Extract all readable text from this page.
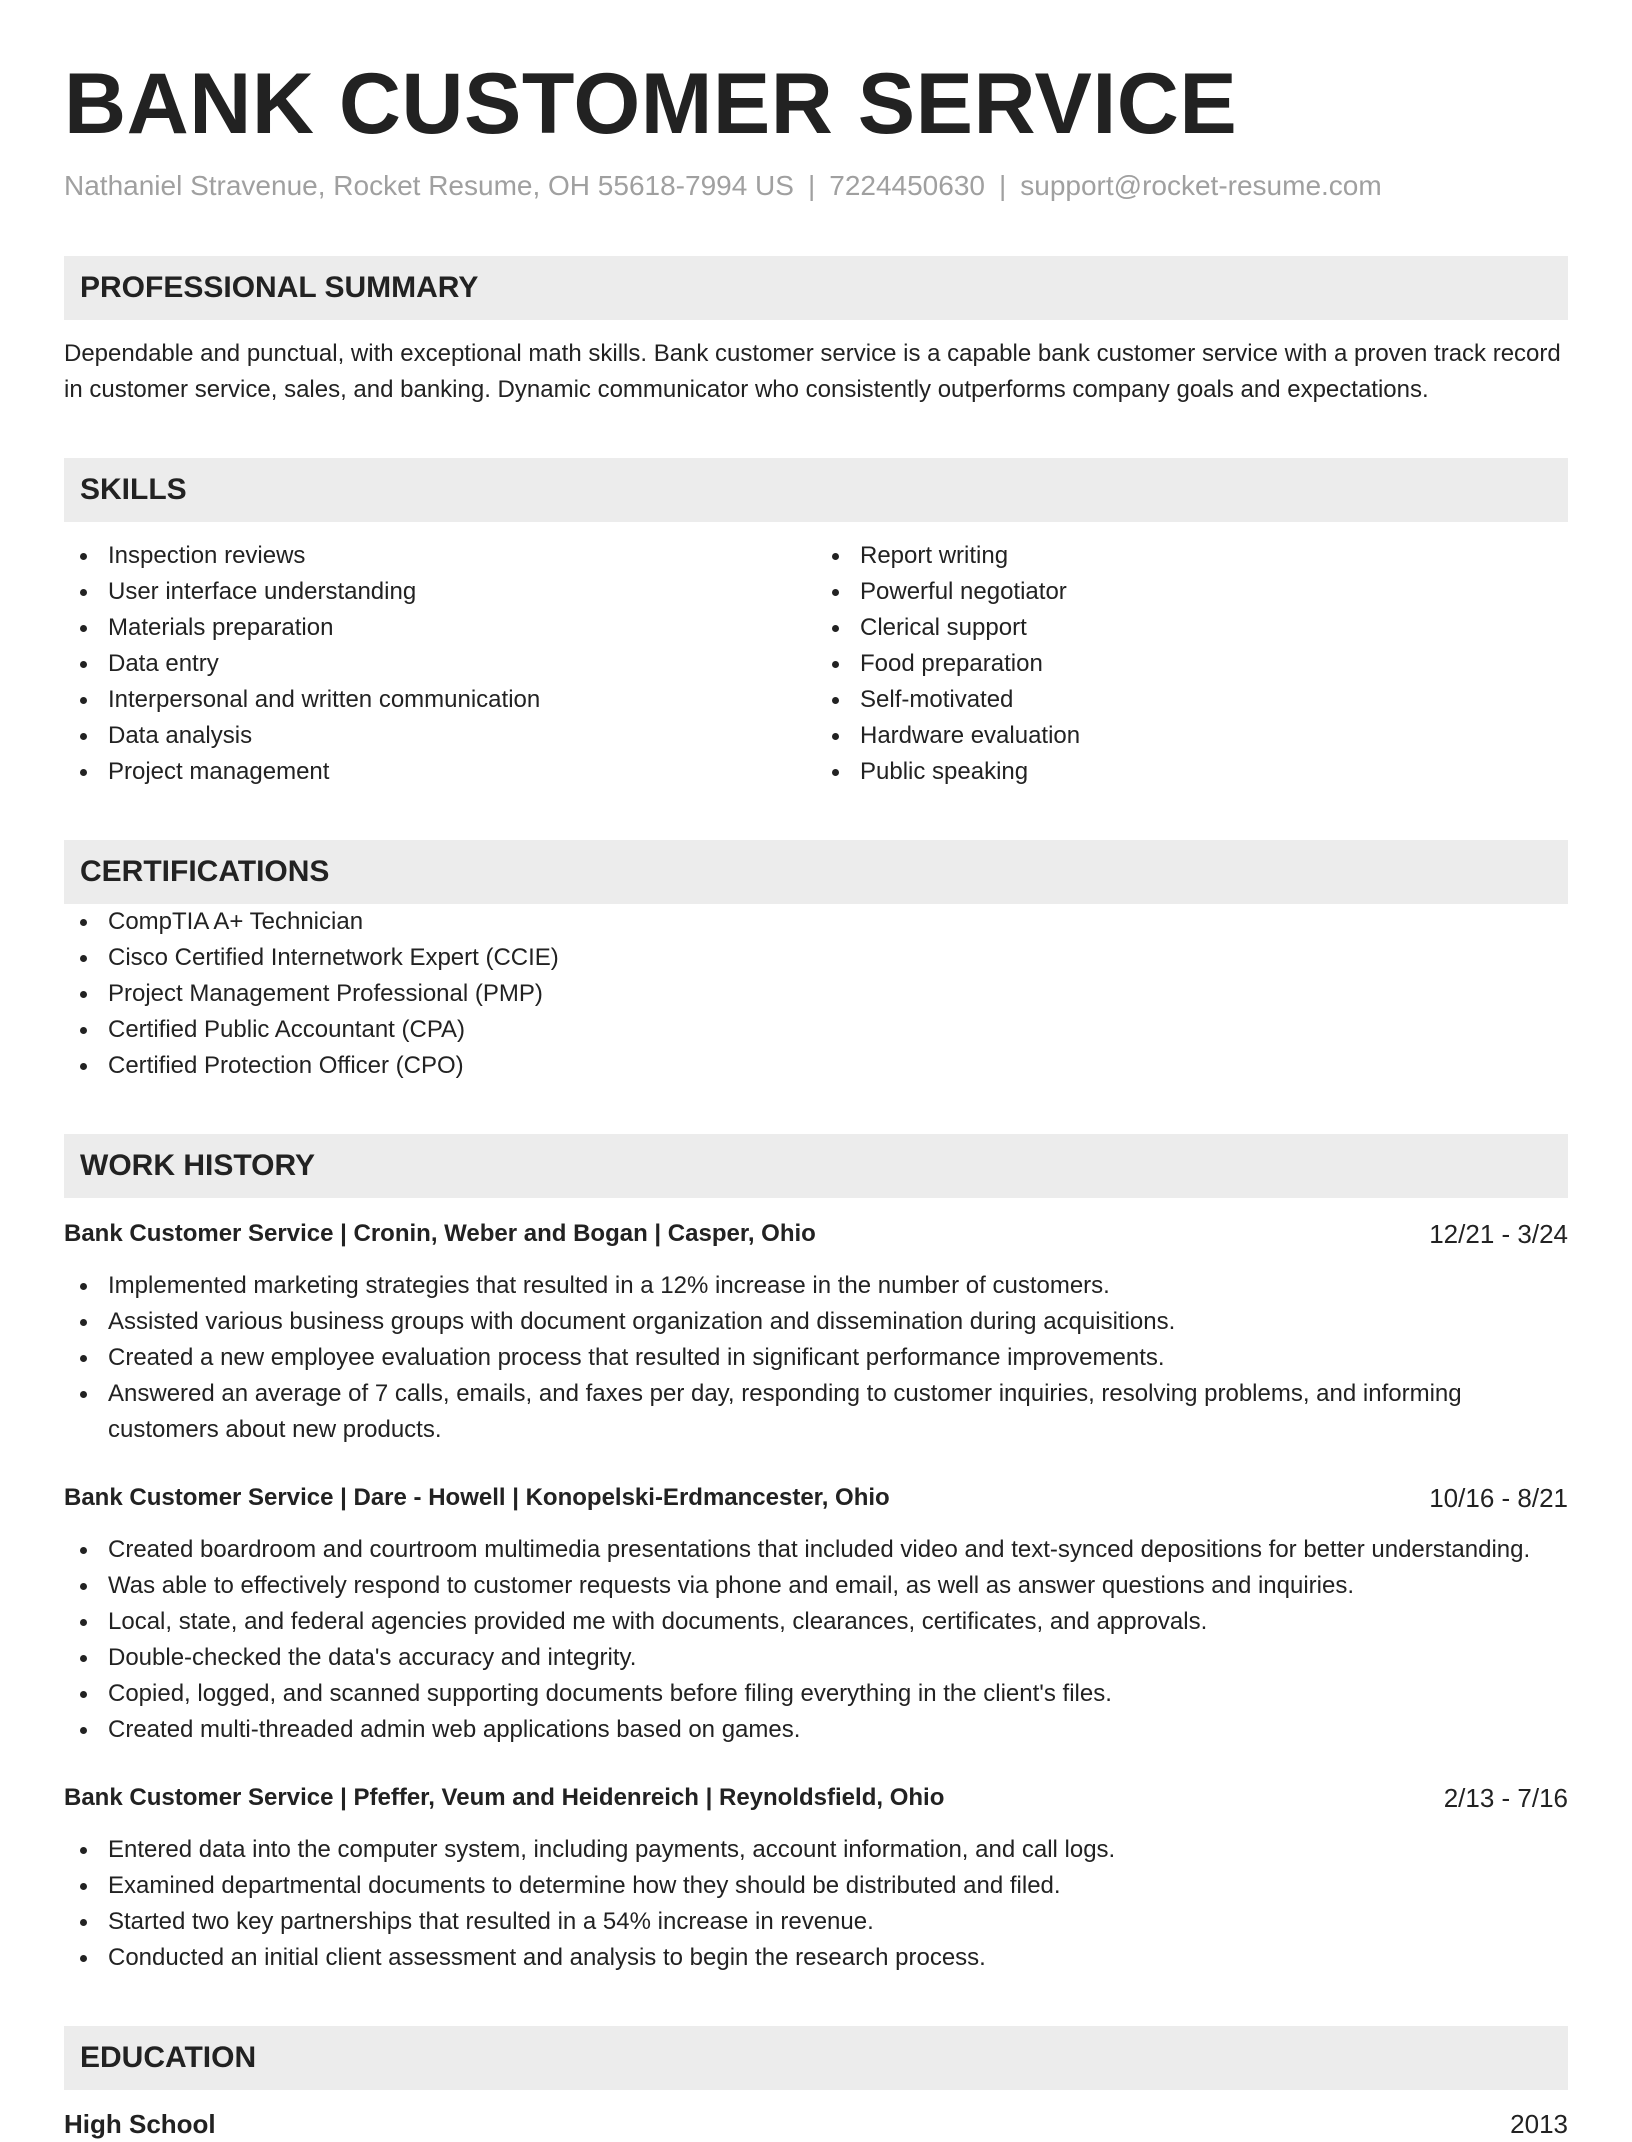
BANK CUSTOMER SERVICE
Nathaniel Stravenue, Rocket Resume, OH 55618-7994 US | 7224450630 | support@rocket-resume.com
PROFESSIONAL SUMMARY
Dependable and punctual, with exceptional math skills. Bank customer service is a capable bank customer service with a proven track record in customer service, sales, and banking. Dynamic communicator who consistently outperforms company goals and expectations.
SKILLS
Inspection reviews
User interface understanding
Materials preparation
Data entry
Interpersonal and written communication
Data analysis
Project management
Report writing
Powerful negotiator
Clerical support
Food preparation
Self-motivated
Hardware evaluation
Public speaking
CERTIFICATIONS
CompTIA A+ Technician
Cisco Certified Internetwork Expert (CCIE)
Project Management Professional (PMP)
Certified Public Accountant (CPA)
Certified Protection Officer (CPO)
WORK HISTORY
Bank Customer Service | Cronin, Weber and Bogan | Casper, Ohio	12/21 - 3/24
Implemented marketing strategies that resulted in a 12% increase in the number of customers.
Assisted various business groups with document organization and dissemination during acquisitions.
Created a new employee evaluation process that resulted in significant performance improvements.
Answered an average of 7 calls, emails, and faxes per day, responding to customer inquiries, resolving problems, and informing customers about new products.
Bank Customer Service | Dare - Howell | Konopelski-Erdmancester, Ohio	10/16 - 8/21
Created boardroom and courtroom multimedia presentations that included video and text-synced depositions for better understanding.
Was able to effectively respond to customer requests via phone and email, as well as answer questions and inquiries.
Local, state, and federal agencies provided me with documents, clearances, certificates, and approvals.
Double-checked the data's accuracy and integrity.
Copied, logged, and scanned supporting documents before filing everything in the client's files.
Created multi-threaded admin web applications based on games.
Bank Customer Service | Pfeffer, Veum and Heidenreich | Reynoldsfield, Ohio	2/13 - 7/16
Entered data into the computer system, including payments, account information, and call logs.
Examined departmental documents to determine how they should be distributed and filed.
Started two key partnerships that resulted in a 54% increase in revenue.
Conducted an initial client assessment and analysis to begin the research process.
EDUCATION
High School	2013
